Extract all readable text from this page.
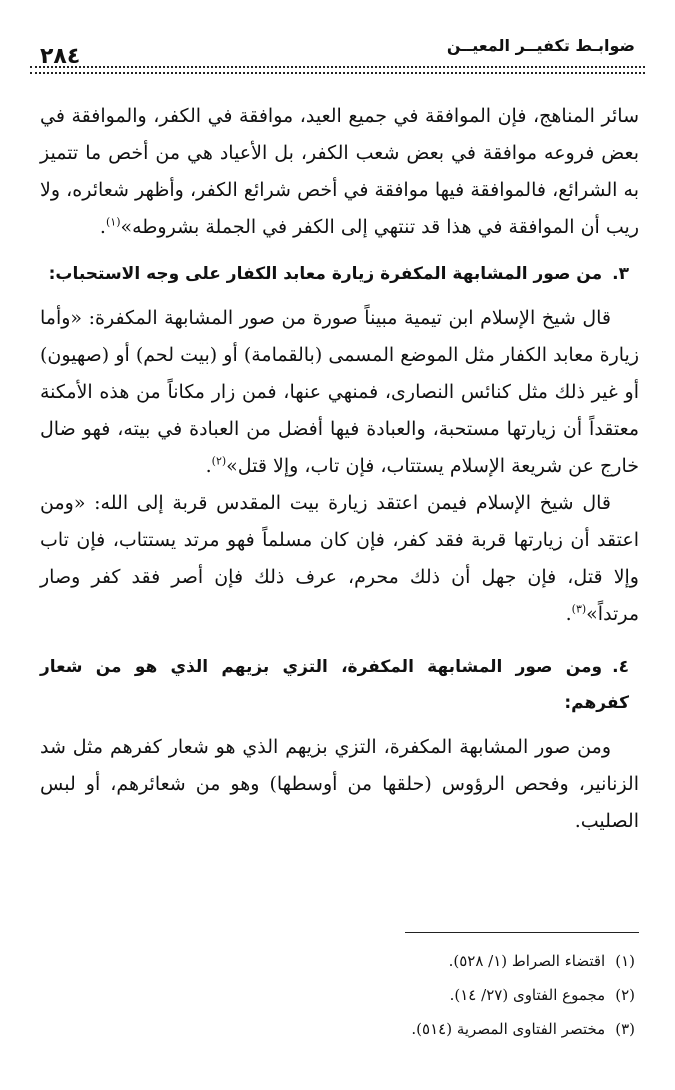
ضوابـط تكفيــر المعيــن
٢٨٤

سائر المناهج، فإن الموافقة في جميع العيد، موافقة في الكفر، والموافقة في بعض فروعه موافقة في بعض شعب الكفر، بل الأعياد هي من أخص ما تتميز به الشرائع، فالموافقة فيها موافقة في أخص شرائع الكفر، وأظهر شعائره، ولا ريب أن الموافقة في هذا قد تنتهي إلى الكفر في الجملة بشروطه»$^{(١)}$.

٣.من صور المشابهة المكفرة زيارة معابد الكفار على وجه الاستحباب:

قال شيخ الإسلام ابن تيمية مبيناً صورة من صور المشابهة المكفرة: «وأما زيارة معابد الكفار مثل الموضع المسمى (بالقمامة) أو (بيت لحم) أو (صهيون) أو غير ذلك مثل كنائس النصارى، فمنهي عنها، فمن زار مكاناً من هذه الأمكنة معتقداً أن زيارتها مستحبة، والعبادة فيها أفضل من العبادة في بيته، فهو ضال خارج عن شريعة الإسلام يستتاب، فإن تاب، وإلا قتل»$^{(٢)}$.

قال شيخ الإسلام فيمن اعتقد زيارة بيت المقدس قربة إلى الله: «ومن اعتقد أن زيارتها قربة فقد كفر، فإن كان مسلماً فهو مرتد يستتاب، فإن تاب وإلا قتل، فإن جهل أن ذلك محرم، عرف ذلك فإن أصر فقد كفر وصار مرتداً»$^{(٣)}$.

٤.ومن صور المشابهة المكفرة، التزي بزيهم الذي هو من شعار كفرهم:

ومن صور المشابهة المكفرة، التزي بزيهم الذي هو شعار كفرهم مثل شد الزنانير، وفحص الرؤوس (حلقها من أوسطها) وهو من شعائرهم، أو لبس الصليب.

(١)اقتضاء الصراط (١/ ٥٢٨).

(٢)مجموع الفتاوى (٢٧/ ١٤).

(٣)مختصر الفتاوى المصرية (٥١٤).
